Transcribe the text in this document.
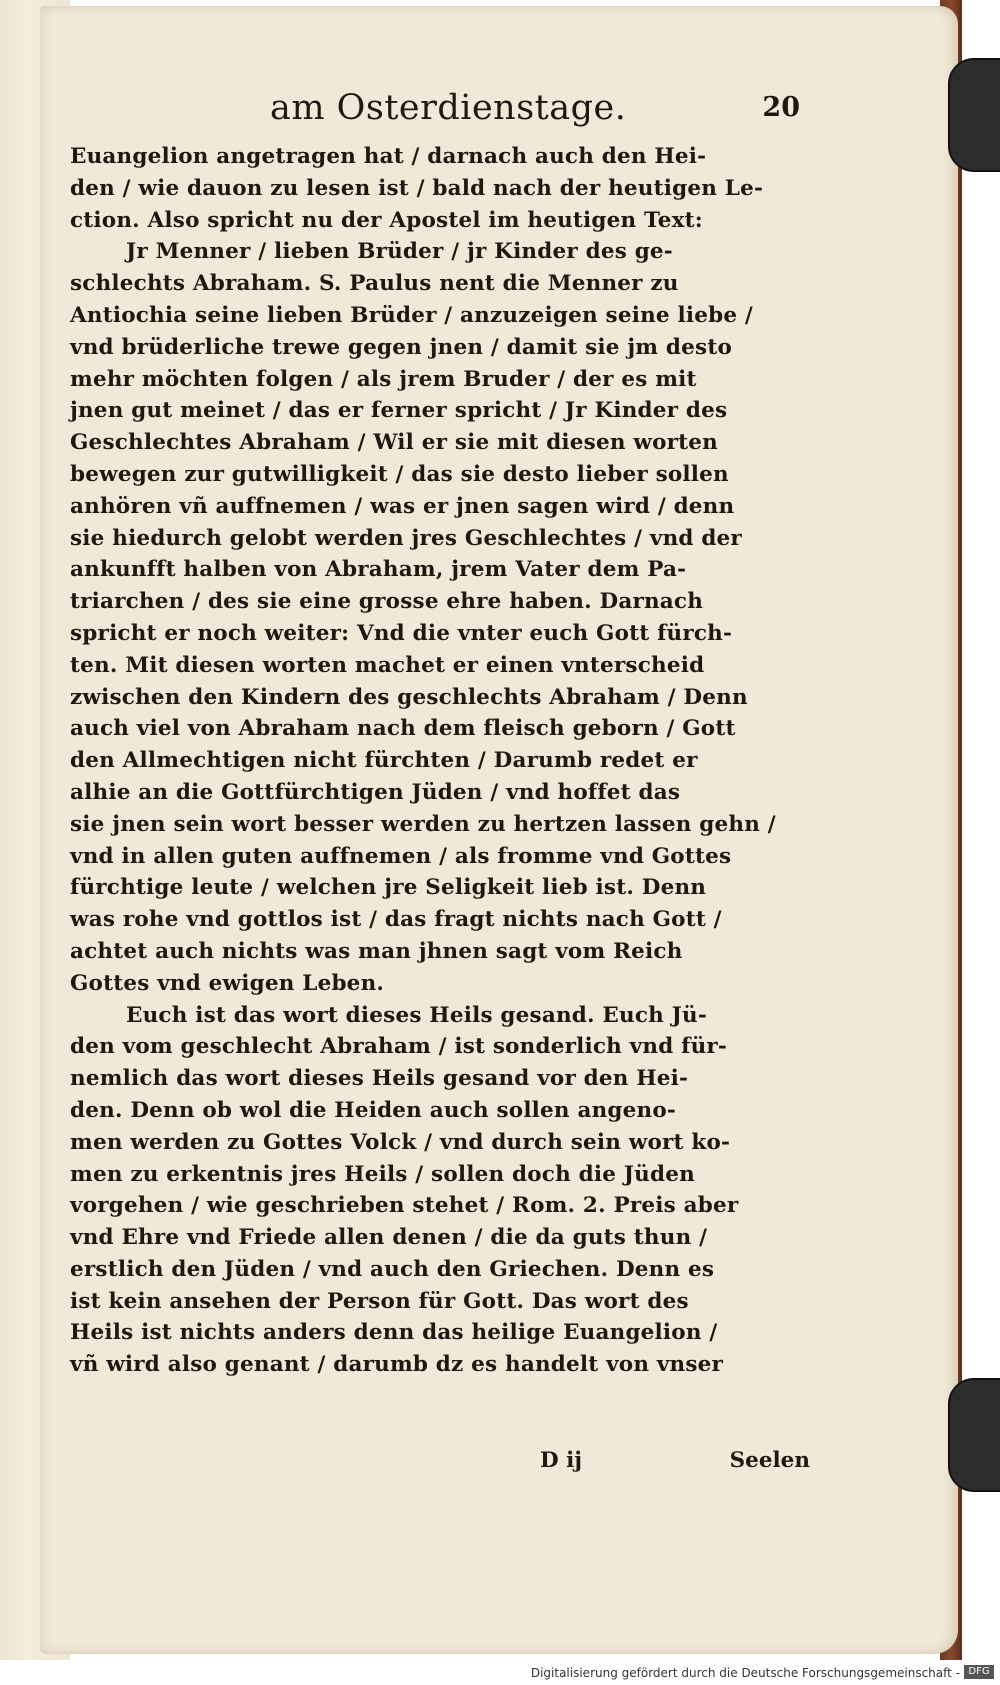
am Osterdienstage.	20
Euangelion angetragen hat / darnach auch den Hei-
den / wie dauon zu lesen ist / bald nach der heutigen Le-
ction. Also spricht nu der Apostel im heutigen Text:
Jr Menner / lieben Brüder / jr Kinder des ge-
schlechts Abraham. S. Paulus nent die Menner zu
Antiochia seine lieben Brüder / anzuzeigen seine liebe /
vnd brüderliche trewe gegen jnen / damit sie jm desto
mehr möchten folgen / als jrem Bruder / der es mit
jnen gut meinet / das er ferner spricht / Jr Kinder des
Geschlechtes Abraham / Wil er sie mit diesen worten
bewegen zur gutwilligkeit / das sie desto lieber sollen
anhören vñ auffnemen / was er jnen sagen wird / denn
sie hiedurch gelobt werden jres Geschlechtes / vnd der
ankunfft halben von Abraham, jrem Vater dem Pa-
triarchen / des sie eine grosse ehre haben. Darnach
spricht er noch weiter: Vnd die vnter euch Gott fürch-
ten. Mit diesen worten machet er einen vnterscheid
zwischen den Kindern des geschlechts Abraham / Denn
auch viel von Abraham nach dem fleisch geborn / Gott
den Allmechtigen nicht fürchten / Darumb redet er
alhie an die Gottfürchtigen Jüden / vnd hoffet das
sie jnen sein wort besser werden zu hertzen lassen gehn /
vnd in allen guten auffnemen / als fromme vnd Gottes
fürchtige leute / welchen jre Seligkeit lieb ist. Denn
was rohe vnd gottlos ist / das fragt nichts nach Gott /
achtet auch nichts was man jhnen sagt vom Reich
Gottes vnd ewigen Leben.
Euch ist das wort dieses Heils gesand. Euch Jü-
den vom geschlecht Abraham / ist sonderlich vnd für-
nemlich das wort dieses Heils gesand vor den Hei-
den. Denn ob wol die Heiden auch sollen angeno-
men werden zu Gottes Volck / vnd durch sein wort ko-
men zu erkentnis jres Heils / sollen doch die Jüden
vorgehen / wie geschrieben stehet / Rom. 2. Preis aber
vnd Ehre vnd Friede allen denen / die da guts thun /
erstlich den Jüden / vnd auch den Griechen. Denn es
ist kein ansehen der Person für Gott. Das wort des
Heils ist nichts anders denn das heilige Euangelion /
vñ wird also genant / darumb dz es handelt von vnser
D ij	Seelen
Digitalisierung gefördert durch die Deutsche Forschungsgemeinschaft - DFG
